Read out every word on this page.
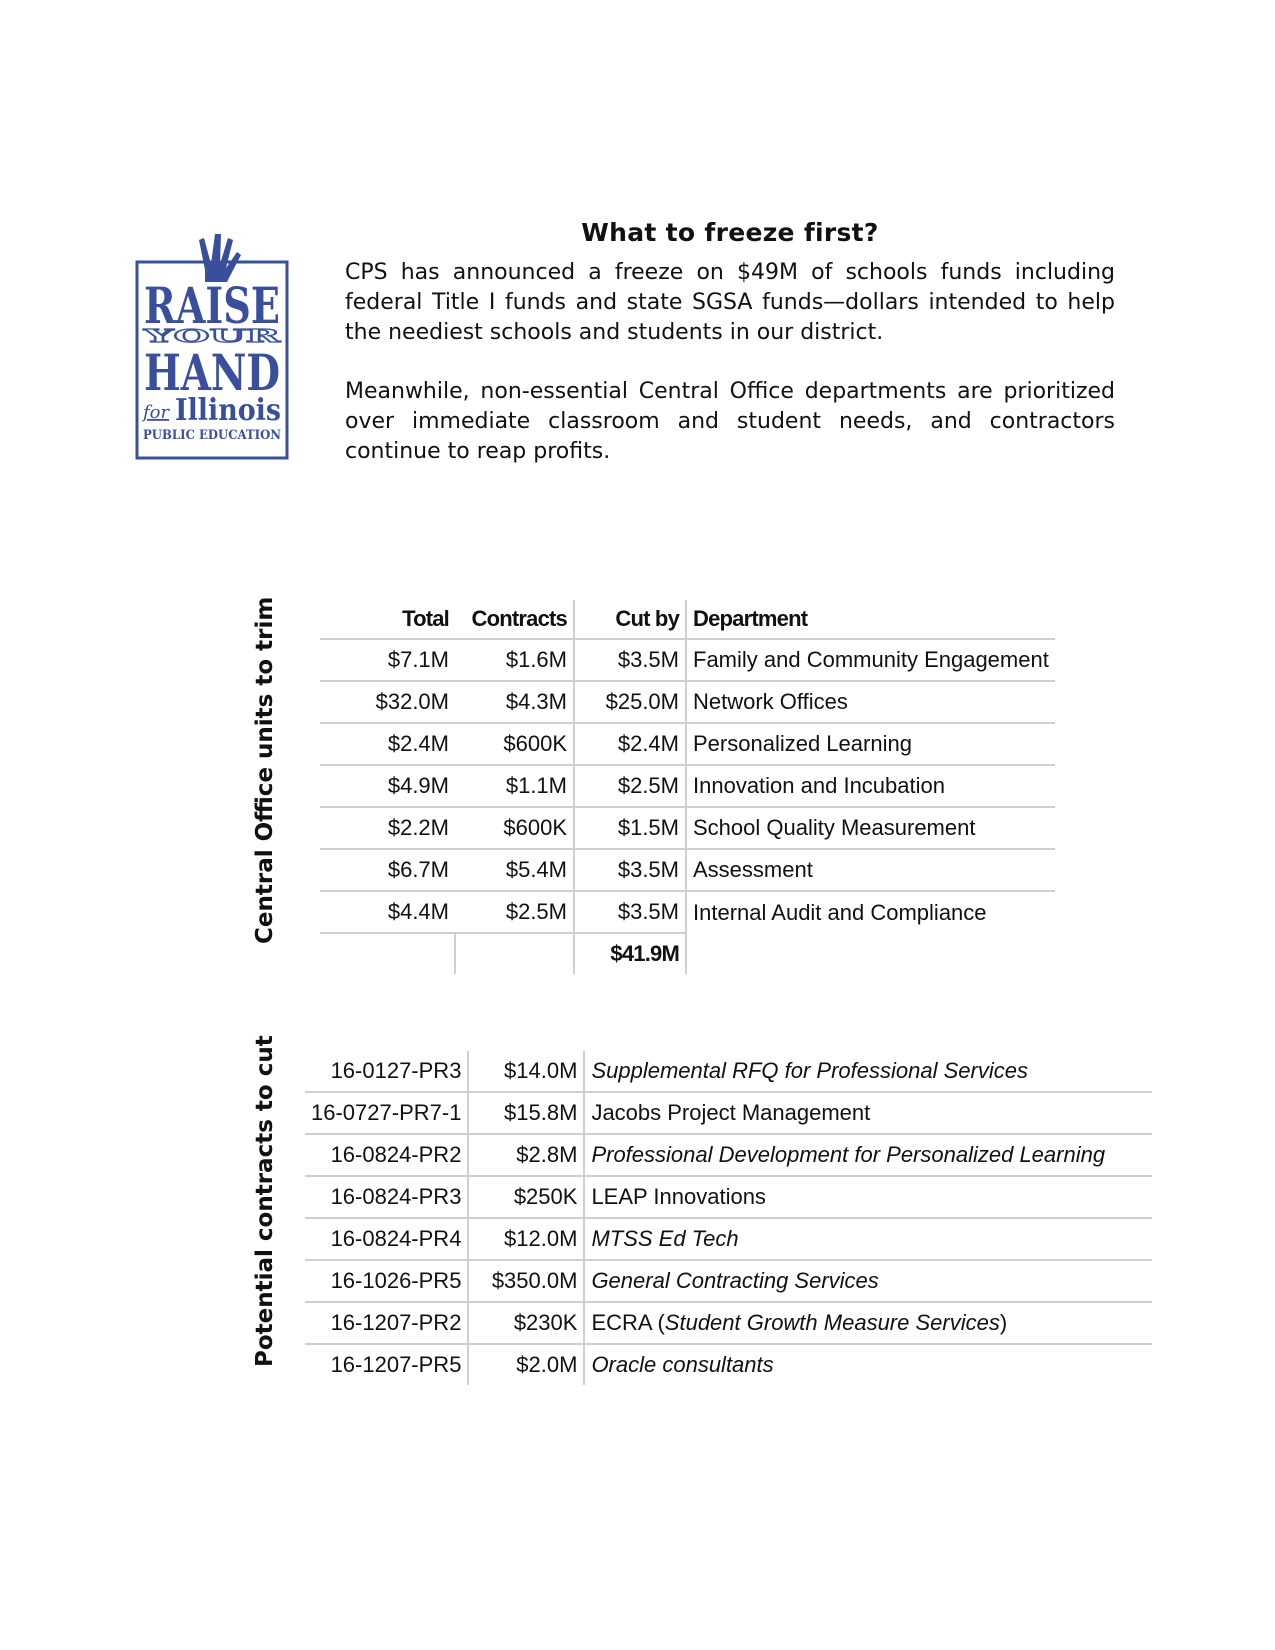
RAISE
YOUR
HAND
for Illinois
PUBLIC EDUCATION
What to freeze first?
CPS has announced a freeze on $49M of schools funds including federal Title I funds and state SGSA funds—dollars intended to help the neediest schools and students in our district.
Meanwhile, non-essential Central Office departments are prioritized over immediate classroom and student needs, and contractors continue to reap profits.
Central Office units to trim	Total	Contracts	Cut by	Department
$7.1M	$1.6M	$3.5M	Family and Community Engagement
$32.0M	$4.3M	$25.0M	Network Offices
$2.4M	$600K	$2.4M	Personalized Learning
$4.9M	$1.1M	$2.5M	Innovation and Incubation
$2.2M	$600K	$1.5M	School Quality Measurement
$6.7M	$5.4M	$3.5M	Assessment
$4.4M	$2.5M	$3.5M	Internal Audit and Compliance
		$41.9M	
Potential contracts to cut 16-0127-PR3	$14.0M	Supplemental RFQ for Professional Services
16-0727-PR7-1	$15.8M	Jacobs Project Management
16-0824-PR2	$2.8M	Professional Development for Personalized Learning
16-0824-PR3	$250K	LEAP Innovations
16-0824-PR4	$12.0M	MTSS Ed Tech
16-1026-PR5	$350.0M	General Contracting Services
16-1207-PR2	$230K	ECRA (Student Growth Measure Services)
16-1207-PR5	$2.0M	Oracle consultants
